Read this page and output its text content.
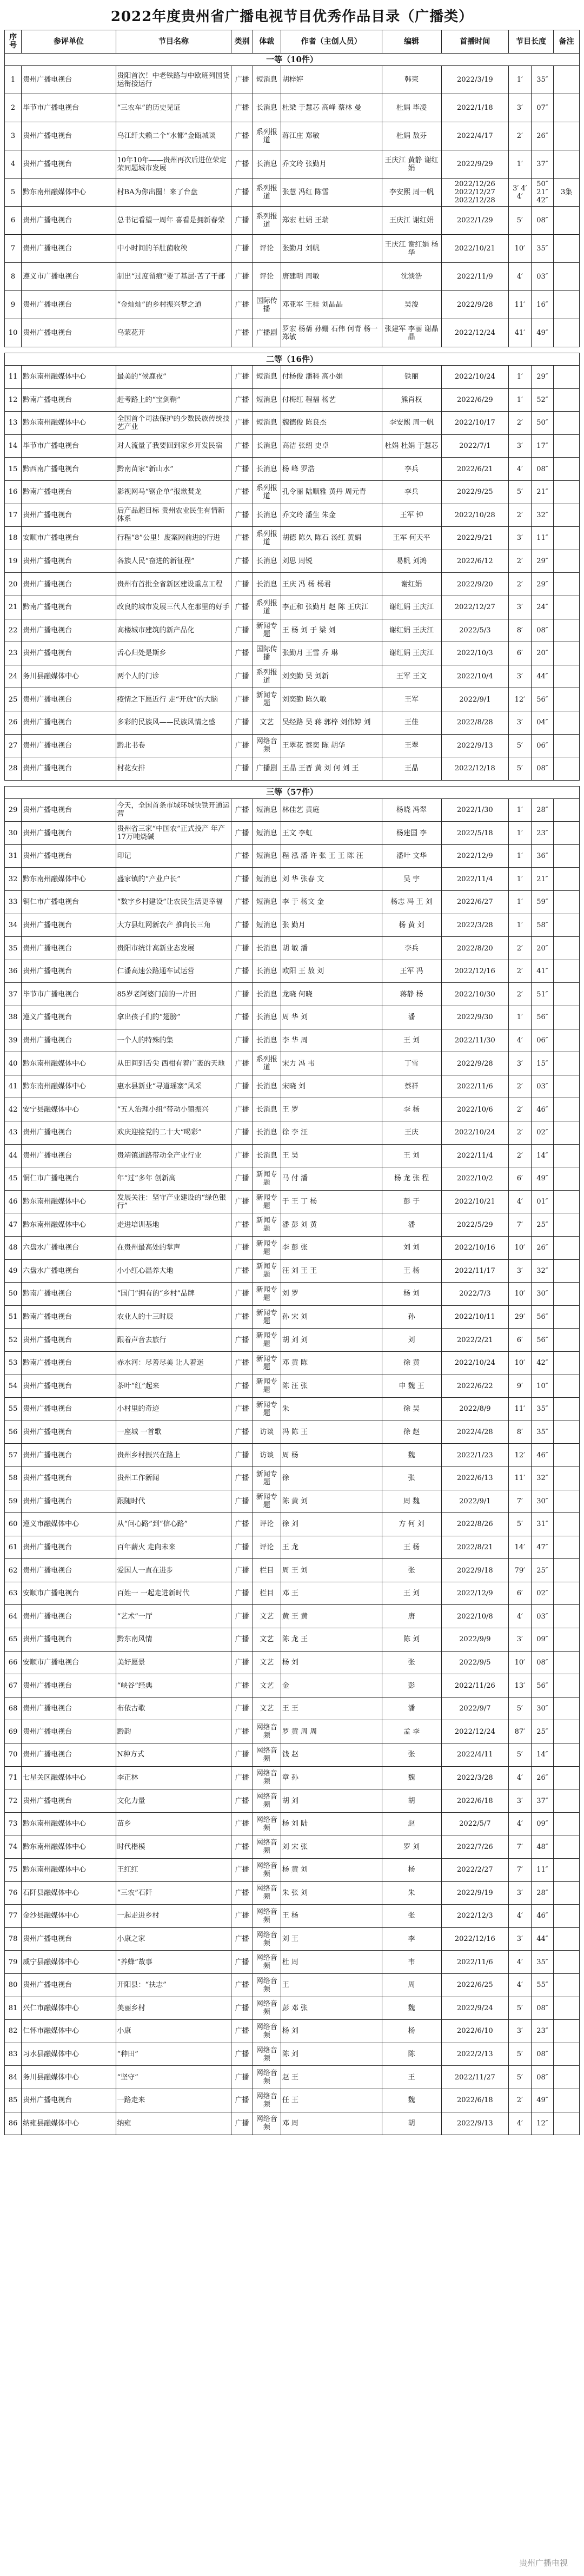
2022年度贵州省广播电视节目优秀作品目录（广播类）
序号	参评单位	节目名称	类别	体裁	作者（主创人员）	编辑	首播时间	节目长度		备注
一等（10件）										
1	贵州广播电视台	贵阳首次！中老铁路与中欧班列国货运衔接运行	广播	短消息	胡梓婷	韩束	2022/3/19	1′	35″	
2	毕节市广播电视台	“三农车”的历史见证	广播	长消息	杜梁 于慧芯 高峰 蔡林 曼	杜娟 毕凌	2022/1/18	3′	07″	
3	贵州广播电视台	乌江纤夫赖二个“水都”金瓯城谈	广播	系列报道	蒋江庄 郑敏	杜娟 敖芬	2022/4/17	2′	26″	
4	贵州广播电视台	10年10年——贵州再次后进位荣定荣同题城市发展	广播	长消息	乔文玲 张勤月	王庆江 黄静 谢红娟	2022/9/29	1′	37″	
5	黔东南州融媒体中心	村BA为你出圈！来了台盘	广播	系列报道	张慧 冯红 陈雪	李安熙 周一帆	2022/12/26 2022/12/27 2022/12/28	3′ 4′ 4′	50″ 21″ 42″	3集
6	贵州广播电视台	总书记看望一周年 喜看是拥新春荣	广播	系列报道	郑宏 杜娟 王瑞	王庆江 谢红娟	2022/1/29	5′	08″	
7	贵州广播电视台	中小时间的羊肚菌收秧	广播	评论	张勤月 刘帆	王庆江 谢红娟 杨华	2022/10/21	10′	35″	
8	遵义市广播电视台	制出“过度留痕”要了基层·苦了干部	广播	评论	唐建明 周敏	沈淡浩	2022/11/9	4′	03″	
9	贵州广播电视台	“金灿灿”的乡村振兴梦之道	广播	国际传播	邓亚军 王桂 刘晶晶	吴浚	2022/9/28	11′	16″	
10	贵州广播电视台	乌蒙花开	广播	广播剧	罗宏 杨蒨 孙姗 石伟 何青 杨一 郑敏	张建军 李丽 谢晶晶	2022/12/24	41′	49″	

二等（16件）										
11	黔东南州融媒体中心	最美的“候鹿夜”	广播	短消息	付杨俊 潘科 高小娟	铁丽	2022/10/24	1′	29″	
12	黔南广播电视台	赶考路上的“宝剑鞘”	广播	短消息	付梅红 程福 杨艺	熊肖权	2022/6/29	1′	52″	
13	黔东南州融媒体中心	全国首个司法保护的少数民族传统技艺产业	广播	短消息	魏德俊 陈良杰	李安熙 周一帆	2022/10/17	2′	50″	
14	毕节市广播电视台	对人流量了我要回到家乡开发民宿	广播	长消息	高洁 张绍 史卓	杜娟 杜娟 于慧芯	2022/7/1	3′	17″	
15	黔西南广播电视台	黔南苗家“新山水”	广播	长消息	杨 峰 罗浩	李兵	2022/6/21	4′	08″	
16	黔南广播电视台	影视网马“钢企单”报歉焚龙	广播	系列报道	孔令丽 陆顺雅 黄丹 周元青	李兵	2022/9/25	5′	21″	
17	贵州广播电视台	后产品超目标 贵州农业民生有情新体系	广播	长消息	乔文玲 潘生 朱金	王军 钟	2022/10/28	2′	32″	
18	安顺市广播电视台	行程“8”公里！废案网前进的行进	广播	系列报道	胡德 陈久 陈石 汤红 黄娟	王军 何天平	2022/9/21	3′	11″	
19	贵州广播电视台	各族人民“奋进的新征程”	广播	长消息	刘思 周锐	易帆 刘鸿	2022/6/12	2′	29″	
20	贵州广播电视台	贵州有首批全省新区建设重点工程	广播	长消息	王庆 冯 杨 杨君	谢红娟	2022/9/20	2′	29″	
21	黔南广播电视台	改良的城市发展三代人在那里的好手	广播	系列报道	李正和 张勤月 赵 陈 王庆江	谢红娟 王庆江	2022/12/27	3′	24″	
22	贵州广播电视台	高楼城市建筑的新产品化	广播	新闻专题	王 杨 刘 于 梁 刘	谢红娟 王庆江	2022/5/3	8′	08″	
23	贵州广播电视台	舌心归处是斯乡	广播	国际传播	张勤月 王雪 乔 琳	谢红娟 王庆江	2022/10/3	6′	20″	
24	务川县融媒体中心	两个人的门诊	广播	系列报道	刘奕勤 吴 刘新	王军 王文	2022/10/4	3′	44″	
25	贵州广播电视台	疫情之下愿近行 走“开放”的大脑	广播	新闻专题	刘奕勤 陈久敏	王军	2022/9/1	12′	56″	
26	贵州广播电视台	多彩的民族风——民族风情之盛	广播	文艺	吴经路 吴 蒋 郭梓 刘伟婷 刘	王佳	2022/8/28	3′	04″	
27	贵州广播电视台	黔北书卷	广播	网络音频	王翠花 蔡奕 陈 胡华	王翠	2022/9/13	5′	06″	
28	贵州广播电视台	村花女排	广播	广播剧	王晶 王晋 黄 刘 何 刘 王	王晶	2022/12/18	5′	08″	

三等（57件）										
29	贵州广播电视台	今天，全国首条市域环城快铁开通运营	广播	短消息	林佳艺 黄庭	杨晓 冯翠	2022/1/30	1′	28″	
30	贵州广播电视台	贵州省三家“中国农”正式投产 年产17万吨烧碱	广播	短消息	王文 李虹	杨建国 李	2022/5/18	1′	23″	
31	贵州广播电视台	印记	广播	短消息	程 泓 潘 许 张 王 王 陈 汪	潘叶 文华	2022/12/9	1′	36″	
32	黔东南州融媒体中心	盛家镇的“产业户长”	广播	短消息	刘 华 张春 文	吴 宇	2022/11/4	1′	21″	
33	铜仁市广播电视台	“数字乡村建设”让农民生活更幸福	广播	短消息	李 于 杨文 金	杨志 冯 王 刘	2022/6/27	1′	59″	
34	贵州广播电视台	大方县红网新农产 推向长三角	广播	短消息	张 勤月	杨 黄 刘	2022/3/28	1′	58″	
35	贵州广播电视台	贵阳市统计高新业态发展	广播	长消息	胡 敏 潘	李兵	2022/8/20	2′	20″	
36	贵州广播电视台	仁潘高速公路通车试运营	广播	长消息	欧阳 王 敖 刘	王军 冯	2022/12/16	2′	41″	
37	毕节市广播电视台	85岁老阿婆门前的一片田	广播	长消息	龙晓 何晓	蒋静 杨	2022/10/30	2′	51″	
38	遵义广播电视台	拿出孩子们的“翅膀”	广播	长消息	周 华 刘	潘	2022/9/30	1′	56″	
39	贵州广播电视台	一个人的特殊的集	广播	长消息	李 华 周	王 刘	2022/11/30	4′	06″	
40	黔东南州融媒体中心	从田间到舌尖 西柑有着广袤的天地	广播	系列报道	宋力 冯 韦	丁雪	2022/9/28	3′	15″	
41	黔东南州融媒体中心	惠水县新业“寻道瑶寨”风采	广播	长消息	宋晓 刘	蔡祥	2022/11/6	2′	03″	
42	安宁县融媒体中心	“五人治理小组”带动小镇振兴	广播	长消息	王 罗	李 杨	2022/10/6	2′	46″	
43	贵州广播电视台	欢庆迎接党的二十大“喝彩”	广播	长消息	徐 李 汪	王庆	2022/10/24	2′	02″	
44	贵州广播电视台	贵靖镇道路带动全产业行业	广播	长消息	王 吴	王 刘	2022/11/4	2′	14″	
45	铜仁市广播电视台	年“过”多年 创新高	广播	新闻专题	马 付 潘	杨 龙 张 程	2022/10/2	6′	49″	
46	黔东南州融媒体中心	发展关注：坚守产业建设的“绿色银行”	广播	新闻专题	于 王 丁 杨	彭 于	2022/10/21	4′	01″	
47	黔东南州融媒体中心	走进培训基地	广播	新闻专题	潘 彭 刘 黄	潘	2022/5/29	7′	25″	
48	六盘水广播电视台	在贵州最高处的掌声	广播	新闻专题	李 彭 张	刘 刘	2022/10/16	10′	26″	
49	六盘水广播电视台	小小红心温养大地	广播	新闻专题	汪 刘 王 王	王 杨	2022/11/17	3′	32″	
50	黔南广播电视台	“国门”拥有的“乡村”品牌	广播	新闻专题	刘 罗	杨 刘	2022/7/3	10′	30″	
51	黔南广播电视台	农业人的十三时辰	广播	新闻专题	孙 宋 刘	孙	2022/10/11	29′	56″	
52	贵州广播电视台	跟着声音去旅行	广播	新闻专题	胡 刘 刘	刘	2022/2/21	6′	56″	
53	黔南广播电视台	赤水河：尽善尽美 让人着迷	广播	新闻专题	邓 黄 陈	徐 黄	2022/10/24	10′	42″	
54	贵州广播电视台	茶叶“红”起来	广播	新闻专题	陈 汪 张	申 魏 王	2022/6/22	9′	10″	
55	贵州广播电视台	小村里的奇迹	广播	新闻专题	朱	徐 吴	2022/8/9	11′	35″	
56	贵州广播电视台	一座城 一首歌	广播	访谈	冯 陈 王	徐 赵	2022/4/28	8′	35″	
57	贵州广播电视台	贵州乡村振兴在路上	广播	访谈	周 杨	魏	2022/1/23	12′	46″	
58	贵州广播电视台	贵州工作新闻	广播	新闻专题	徐	张	2022/6/13	11′	32″	
59	贵州广播电视台	跟随时代	广播	新闻专题	陈 黄 刘	周 魏	2022/9/1	7′	30″	
60	遵义市融媒体中心	从“问心路”到“信心路”	广播	评论	徐 刘	方 何 刘	2022/8/26	5′	31″	
61	贵州广播电视台	百年薪火 走向未来	广播	评论	王 龙	王 杨	2022/8/21	14′	47″	
62	贵州广播电视台	爱国人一直在进步	广播	栏目	周 王 刘	张	2022/9/18	79′	25″	
63	安顺市广播电视台	百姓一 一起走进新时代	广播	栏目	邓 王	王 刘	2022/12/9	6′	02″	
64	贵州广播电视台	“艺术”一厅	广播	文艺	黄 王 黄	唐	2022/10/8	4′	03″	
65	贵州广播电视台	黔东南风情	广播	文艺	陈 龙 王	陈 刘	2022/9/9	3′	09″	
66	安顺市广播电视台	美好愿景	广播	文艺	杨 刘	张	2022/9/5	10′	08″	
67	贵州广播电视台	“峡谷”经典	广播	文艺	金	彭	2022/11/26	13′	56″	
68	贵州广播电视台	布依古歌	广播	文艺	王 王	潘	2022/9/7	5′	30″	
69	贵州广播电视台	黔韵	广播	网络音频	罗 黄 周 周	孟 李	2022/12/24	87′	25″	
70	贵州广播电视台	N种方式	广播	网络音频	钱 赵	张	2022/4/11	5′	14″	
71	七星关区融媒体中心	李正林	广播	网络音频	章 孙	魏	2022/3/28	4′	26″	
72	贵州广播电视台	文化力量	广播	网络音频	胡 刘	胡	2022/6/18	3′	37″	
73	黔东南州融媒体中心	苗乡	广播	网络音频	杨 刘 陆	赵	2022/5/7	4′	09″	
74	黔东南州融媒体中心	时代楷模	广播	网络音频	刘 宋 张	罗 刘	2022/7/26	7′	48″	
75	黔东南州融媒体中心	王红红	广播	网络音频	杨 黄 刘	杨	2022/2/27	7′	11″	
76	石阡县融媒体中心	“三农”石阡	广播	网络音频	朱 张 刘	朱	2022/9/19	3′	28″	
77	金沙县融媒体中心	一起走进乡村	广播	网络音频	王 杨	张	2022/12/3	4′	46″	
78	贵州广播电视台	小康之家	广播	网络音频	刘 王	李	2022/12/16	3′	44″	
79	威宁县融媒体中心	“养蜂”故事	广播	网络音频	杜 周	韦	2022/11/6	4′	35″	
80	贵州广播电视台	开阳县：“扶志”	广播	网络音频	王	周	2022/6/25	4′	55″	
81	兴仁市融媒体中心	美丽乡村	广播	网络音频	彭 邓 张	魏	2022/9/24	5′	08″	
82	仁怀市融媒体中心	小康	广播	网络音频	杨 刘	杨	2022/6/10	3′	23″	
83	习水县融媒体中心	“种田”	广播	网络音频	陈 刘	陈	2022/2/13	5′	08″	
84	务川县融媒体中心	“坚守”	广播	网络音频	赵 王	王	2022/11/27	5′	08″	
85	贵州广播电视台	一路走来	广播	网络音频	任 王	魏	2022/6/18	2′	49″	
86	纳雍县融媒体中心	纳雍	广播	网络音频	邓 周	胡	2022/9/13	4′	12″	
贵州广播电视
